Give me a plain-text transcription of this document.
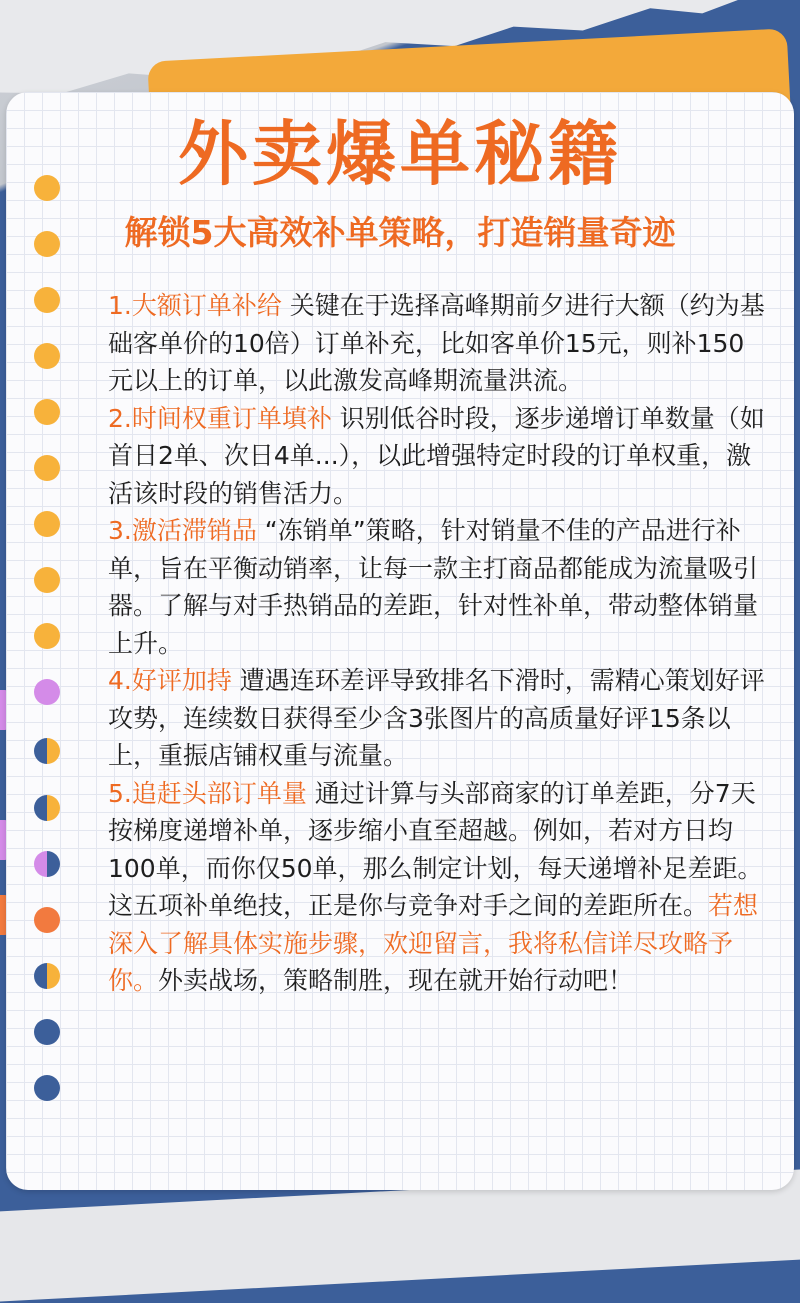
外卖爆单秘籍
解锁5大高效补单策略，打造销量奇迹

1.大额订单补给 关键在于选择高峰期前夕进行大额（约为基础客单价的10倍）订单补充，比如客单价15元，则补150元以上的订单，以此激发高峰期流量洪流。

2.时间权重订单填补 识别低谷时段，逐步递增订单数量（如首日2单、次日4单...），以此增强特定时段的订单权重，激活该时段的销售活力。

3.激活滞销品 “冻销单”策略，针对销量不佳的产品进行补单，旨在平衡动销率，让每一款主打商品都能成为流量吸引器。了解与对手热销品的差距，针对性补单，带动整体销量上升。

4.好评加持 遭遇连环差评导致排名下滑时，需精心策划好评攻势，连续数日获得至少含3张图片的高质量好评15条以上，重振店铺权重与流量。

5.追赶头部订单量 通过计算与头部商家的订单差距，分7天按梯度递增补单，逐步缩小直至超越。例如，若对方日均100单，而你仅50单，那么制定计划，每天递增补足差距。

这五项补单绝技，正是你与竞争对手之间的差距所在。若想深入了解具体实施步骤，欢迎留言，我将私信详尽攻略予你。外卖战场，策略制胜，现在就开始行动吧！
